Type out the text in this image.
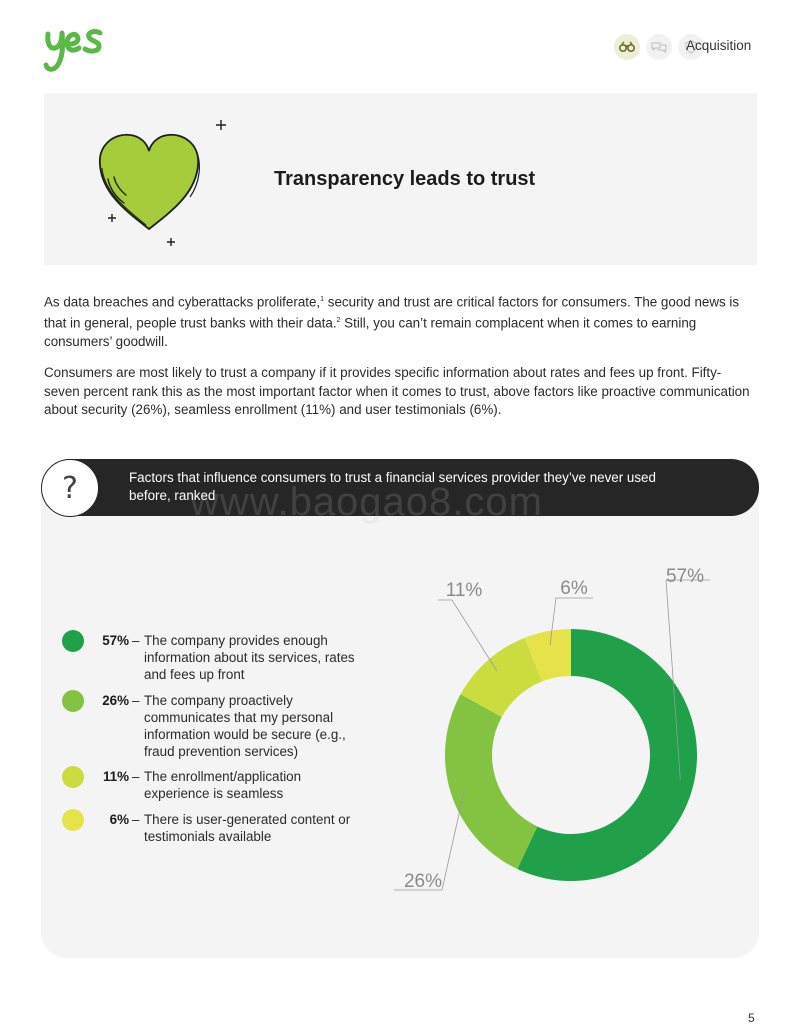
Acquisition
Transparency leads to trust
As data breaches and cyberattacks proliferate,$^1$ security and trust are critical factors for consumers. The good news is that in general, people trust banks with their data.$^2$ Still, you can’t remain complacent when it comes to earning consumers’ goodwill.
Consumers are most likely to trust a company if it provides specific information about rates and fees up front. Fifty-seven percent rank this as the most important factor when it comes to trust, above factors like proactive communication about security (26%), seamless enrollment (11%) and user testimonials (6%).
?	Factors that influence consumers to trust a financial services provider they’ve never used before, ranked
www.baogao8.com
57% – The company provides enough information about its services, rates and fees up front
26% – The company proactively communicates that my personal information would be secure (e.g., fraud prevention services)
11% – The enrollment/application experience is seamless
6% – There is user-generated content or testimonials available
57%
26%
11%	6%
5
